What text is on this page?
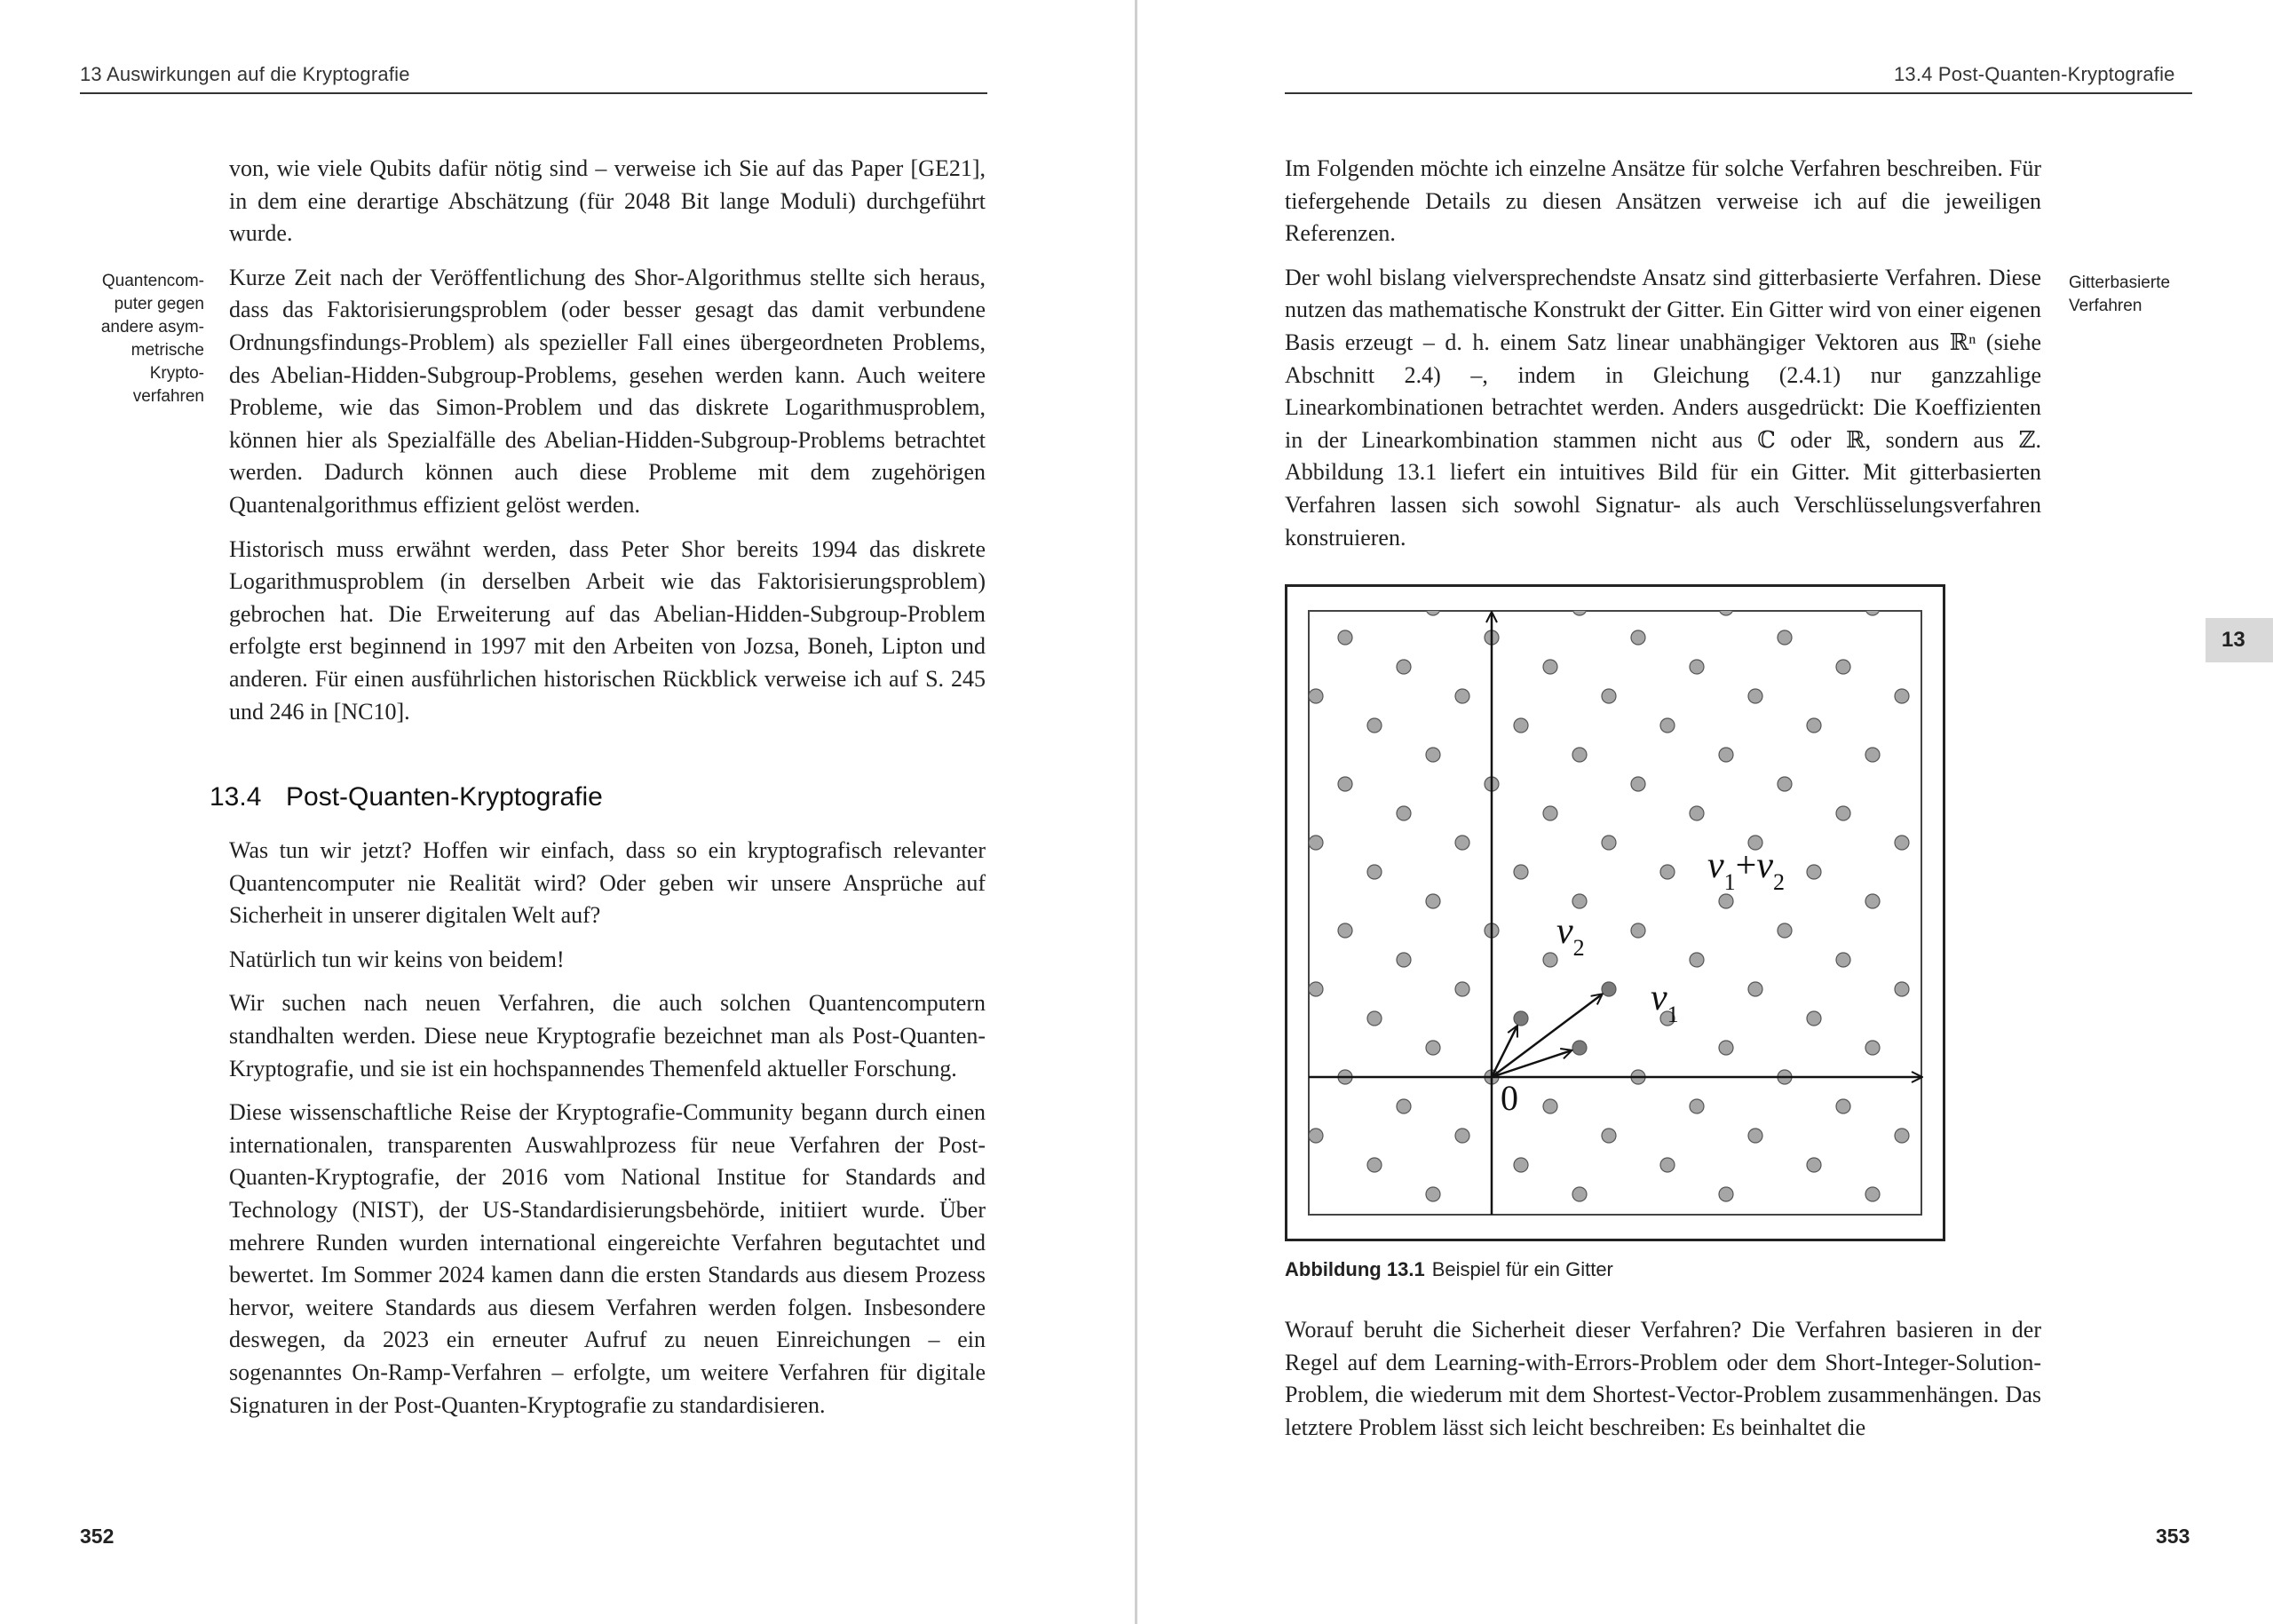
13 Auswirkungen auf die Kryptografie
Quantencom-
puter gegen
andere asym-
metrische
Krypto-
verfahren

von, wie viele Qubits dafür nötig sind – verweise ich Sie auf das Paper [GE21], in dem eine derartige Abschätzung (für 2048 Bit lange Moduli) durchgeführt wurde.

Kurze Zeit nach der Veröffentlichung des Shor-Algorithmus stellte sich heraus, dass das Faktorisierungsproblem (oder besser gesagt das damit verbundene Ordnungsfindungs-Problem) als spezieller Fall eines übergeordneten Problems, des Abelian-Hidden-Subgroup-Problems, gesehen werden kann. Auch weitere Probleme, wie das Simon-Problem und das diskrete Logarithmusproblem, können hier als Spezialfälle des Abelian-Hidden-Subgroup-Problems betrachtet werden. Dadurch können auch diese Probleme mit dem zugehörigen Quantenalgorithmus effizient gelöst werden.

Historisch muss erwähnt werden, dass Peter Shor bereits 1994 das diskrete Logarithmusproblem (in derselben Arbeit wie das Faktorisierungsproblem) gebrochen hat. Die Erweiterung auf das Abelian-Hidden-Subgroup-Problem erfolgte erst beginnend in 1997 mit den Arbeiten von Jozsa, Boneh, Lipton und anderen. Für einen ausführlichen historischen Rückblick verweise ich auf S. 245 und 246 in [NC10].

13.4 Post-Quanten-Kryptografie

Was tun wir jetzt? Hoffen wir einfach, dass so ein kryptografisch relevanter Quantencomputer nie Realität wird? Oder geben wir unsere Ansprüche auf Sicherheit in unserer digitalen Welt auf?

Natürlich tun wir keins von beidem!

Wir suchen nach neuen Verfahren, die auch solchen Quantencomputern standhalten werden. Diese neue Kryptografie bezeichnet man als Post-Quanten-Kryptografie, und sie ist ein hochspannendes Themenfeld aktueller Forschung.

Diese wissenschaftliche Reise der Kryptografie-Community begann durch einen internationalen, transparenten Auswahlprozess für neue Verfahren der Post-Quanten-Kryptografie, der 2016 vom National Institue for Standards and Technology (NIST), der US-Standardisierungsbehörde, initiiert wurde. Über mehrere Runden wurden international eingereichte Verfahren begutachtet und bewertet. Im Sommer 2024 kamen dann die ersten Standards aus diesem Prozess hervor, weitere Standards aus diesem Verfahren werden folgen. Insbesondere deswegen, da 2023 ein erneuter Aufruf zu neuen Einreichungen – ein sogenanntes On-Ramp-Verfahren – erfolgte, um weitere Verfahren für digitale Signaturen in der Post-Quanten-Kryptografie zu standardisieren.

352
13.4 Post-Quanten-Kryptografie

Im Folgenden möchte ich einzelne Ansätze für solche Verfahren beschreiben. Für tiefergehende Details zu diesen Ansätzen verweise ich auf die jeweiligen Referenzen.

Der wohl bislang vielversprechendste Ansatz sind gitterbasierte Verfahren. Diese nutzen das mathematische Konstrukt der Gitter. Ein Gitter wird von einer eigenen Basis erzeugt – d. h. einem Satz linear unabhängiger Vektoren aus ℝⁿ (siehe Abschnitt 2.4) –, indem in Gleichung (2.4.1) nur ganzzahlige Linearkombinationen betrachtet werden. Anders ausgedrückt: Die Koeffizienten in der Linearkombination stammen nicht aus ℂ oder ℝ, sondern aus ℤ. Abbildung 13.1 liefert ein intuitives Bild für ein Gitter. Mit gitterbasierten Verfahren lassen sich sowohl Signatur- als auch Verschlüsselungsverfahren konstruieren.

Gitterbasierte
Verfahren
13
0
$v_1$
$v_2$
$v_1+v_2$
Abbildung 13.1 Beispiel für ein Gitter

Worauf beruht die Sicherheit dieser Verfahren? Die Verfahren basieren in der Regel auf dem Learning-with-Errors-Problem oder dem Short-Integer-Solution-Problem, die wiederum mit dem Shortest-Vector-Problem zusammenhängen. Das letztere Problem lässt sich leicht beschreiben: Es beinhaltet die

353
